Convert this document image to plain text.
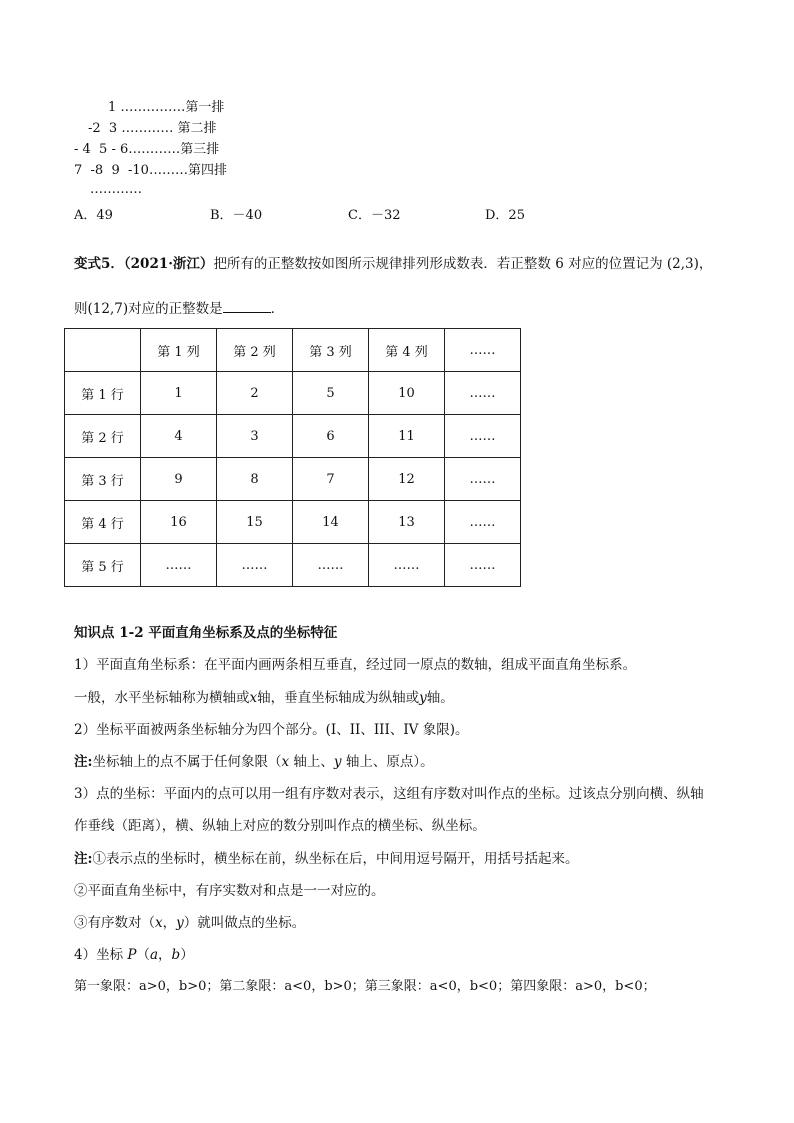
1 ……………第一排
-2  3 ………… 第二排
- 4  5 - 6…………第三排
7  -8  9  -10………第四排
…………
A．49	B．－40	C．－32	D．25
变式5．（2021·浙江）把所有的正整数按如图所示规律排列形成数表．若正整数 6 对应的位置记为 (2,3)，
则(12,7)对应的正整数是	．
	第 1 列	第 2 列	第 3 列	第 4 列	……
第 1 行	1	2	5	10	……
第 2 行	4	3	6	11	……
第 3 行	9	8	7	12	……
第 4 行	16	15	14	13	……
第 5 行	……	……	……	……	……
知识点 1-2 平面直角坐标系及点的坐标特征
1）平面直角坐标系：在平面内画两条相互垂直，经过同一原点的数轴，组成平面直角坐标系。
一般，水平坐标轴称为横轴或x轴，垂直坐标轴成为纵轴或y轴。
2）坐标平面被两条坐标轴分为四个部分。(I、II、III、IV 象限)。
注:坐标轴上的点不属于任何象限（x 轴上、y 轴上、原点）。
3）点的坐标：平面内的点可以用一组有序数对表示，这组有序数对叫作点的坐标。过该点分别向横、纵轴
作垂线（距离），横、纵轴上对应的数分别叫作点的横坐标、纵坐标。
注:①表示点的坐标时，横坐标在前，纵坐标在后，中间用逗号隔开，用括号括起来。
②平面直角坐标中，有序实数对和点是一一对应的。
③有序数对（x，y）就叫做点的坐标。
4）坐标 P（a，b）
第一象限：a>0，b>0；第二象限：a<0，b>0；第三象限：a<0，b<0；第四象限：a>0，b<0；
